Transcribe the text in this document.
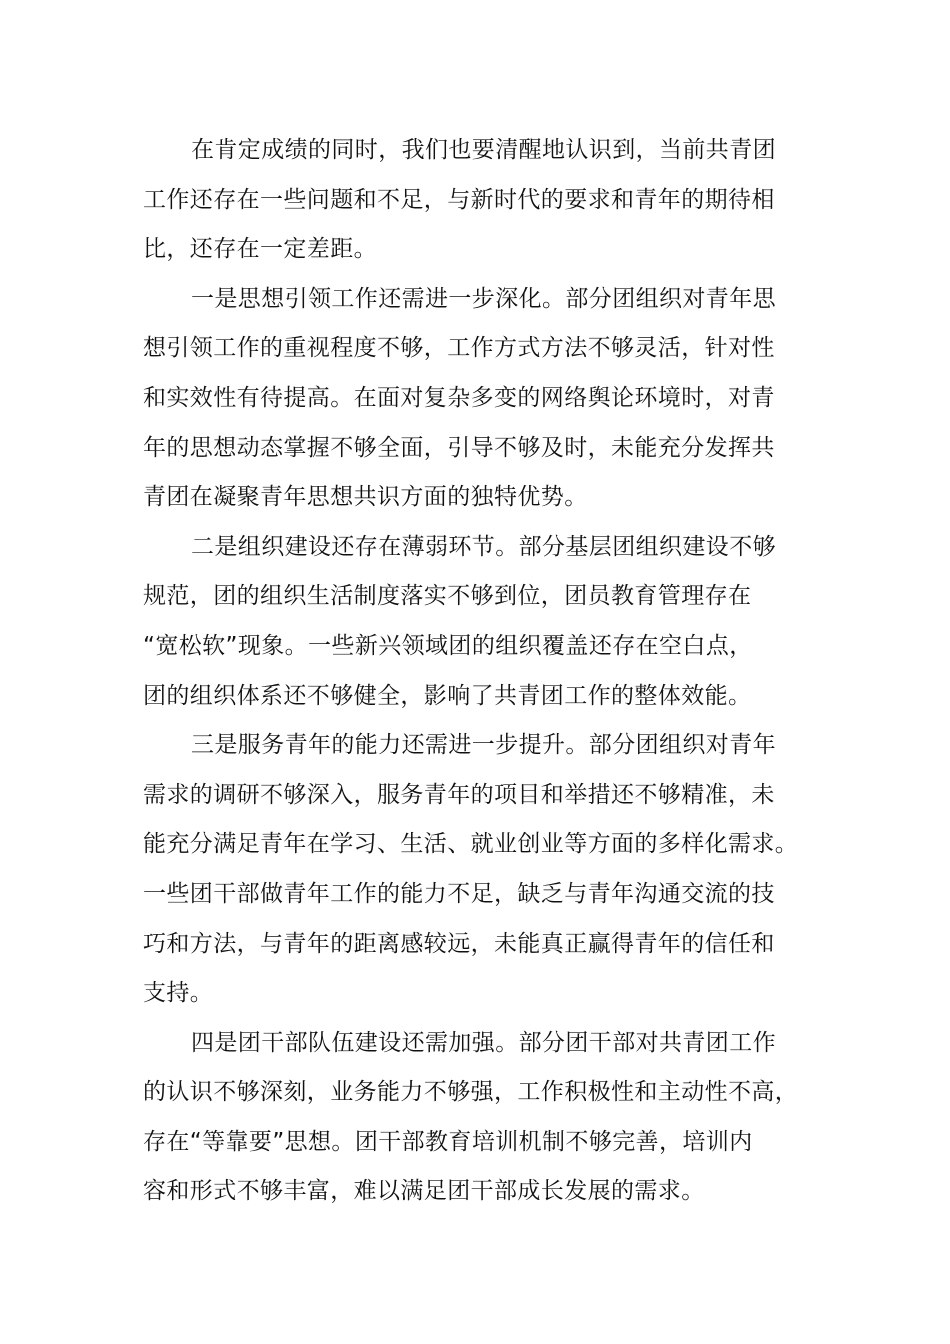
在肯定成绩的同时，我们也要清醒地认识到，当前共青团
工作还存在一些问题和不足，与新时代的要求和青年的期待相
比，还存在一定差距。
一是思想引领工作还需进一步深化。部分团组织对青年思
想引领工作的重视程度不够，工作方式方法不够灵活，针对性
和实效性有待提高。在面对复杂多变的网络舆论环境时，对青
年的思想动态掌握不够全面，引导不够及时，未能充分发挥共
青团在凝聚青年思想共识方面的独特优势。
二是组织建设还存在薄弱环节。部分基层团组织建设不够
规范，团的组织生活制度落实不够到位，团员教育管理存在
“宽松软”现象。一些新兴领域团的组织覆盖还存在空白点，
团的组织体系还不够健全，影响了共青团工作的整体效能。
三是服务青年的能力还需进一步提升。部分团组织对青年
需求的调研不够深入，服务青年的项目和举措还不够精准，未
能充分满足青年在学习、生活、就业创业等方面的多样化需求。
一些团干部做青年工作的能力不足，缺乏与青年沟通交流的技
巧和方法，与青年的距离感较远，未能真正赢得青年的信任和
支持。
四是团干部队伍建设还需加强。部分团干部对共青团工作
的认识不够深刻，业务能力不够强，工作积极性和主动性不高，
存在“等靠要”思想。团干部教育培训机制不够完善，培训内
容和形式不够丰富，难以满足团干部成长发展的需求。
